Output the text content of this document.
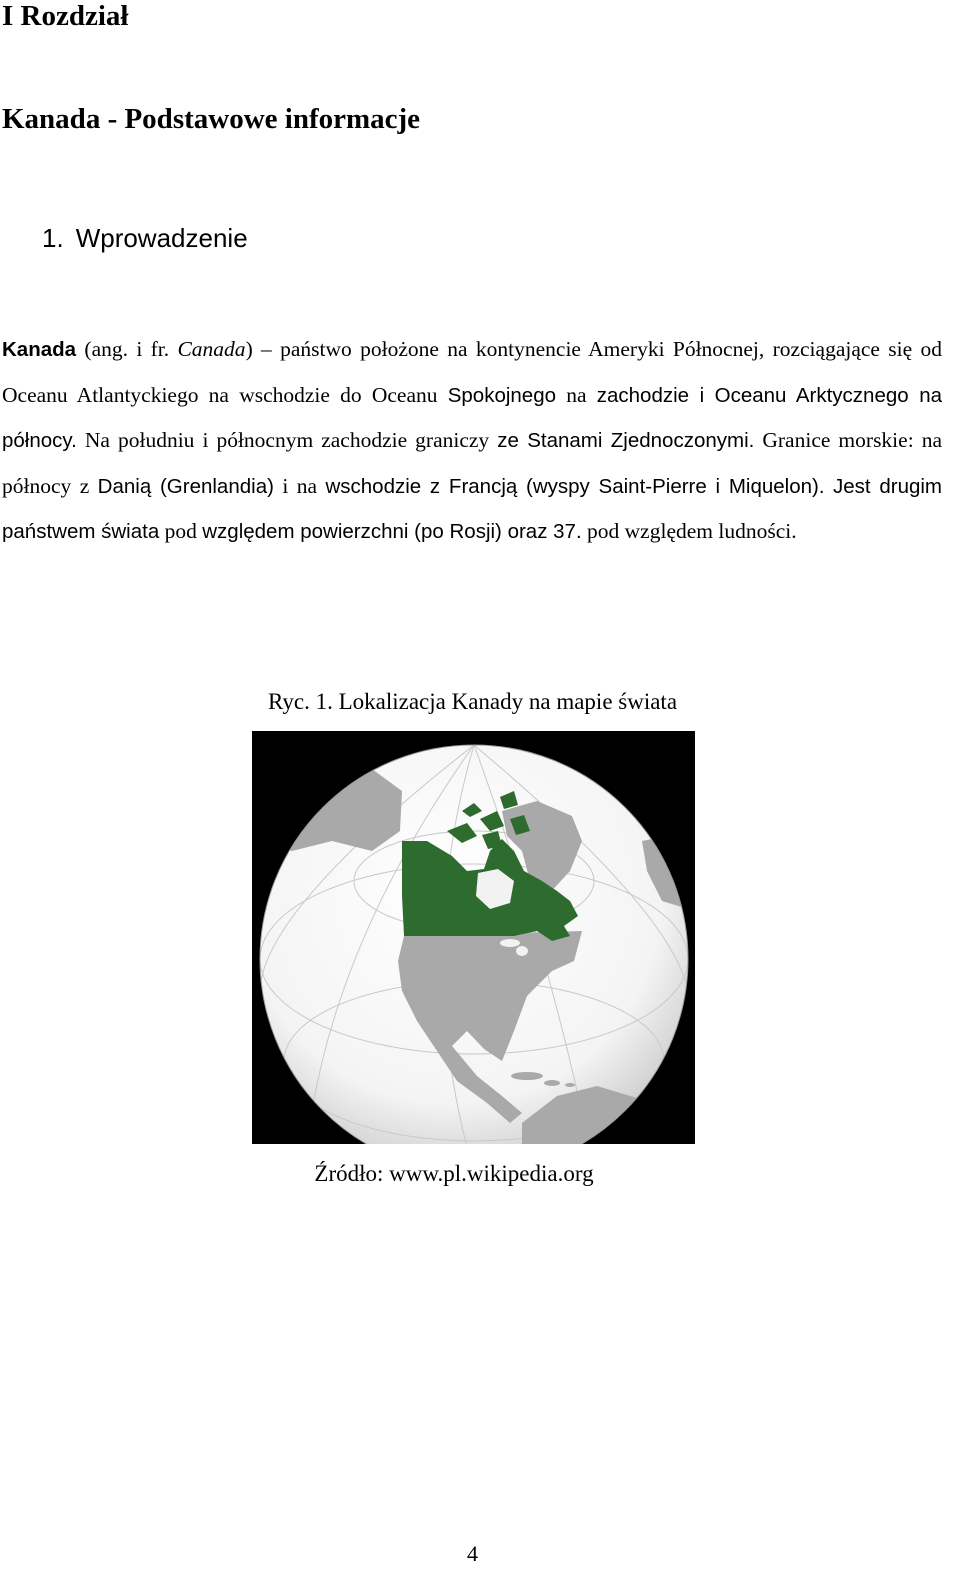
I Rozdział
Kanada - Podstawowe informacje
1. Wprowadzenie

Kanada (ang. i fr. Canada) – państwo położone na kontynencie Ameryki Północnej, rozciągające się od Oceanu Atlantyckiego na wschodzie do Oceanu Spokojnego na zachodzie i Oceanu Arktycznego na północy. Na południu i północnym zachodzie graniczy ze Stanami Zjednoczonymi. Granice morskie: na północy z Danią (Grenlandia) i na wschodzie z Francją (wyspy Saint-Pierre i Miquelon). Jest drugim państwem świata pod względem powierzchni (po Rosji) oraz 37. pod względem ludności.

Ryc. 1. Lokalizacja Kanady na mapie świata

Źródło: www.pl.wikipedia.org

4
